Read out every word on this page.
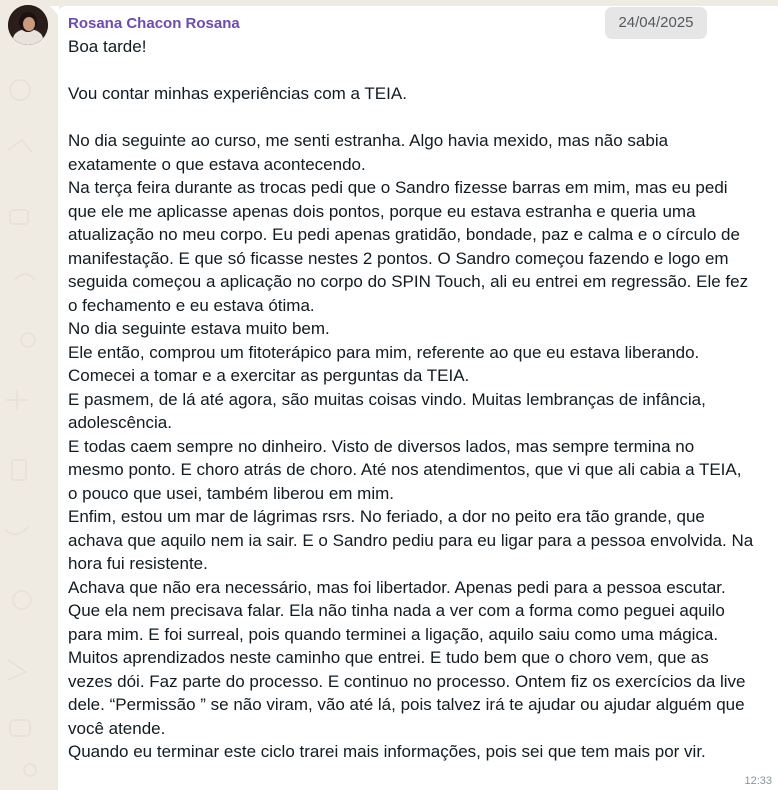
Rosana Chacon Rosana	24/04/2025
Boa tarde!
Vou contar minhas experiências com a TEIA.
No dia seguinte ao curso, me senti estranha. Algo havia mexido, mas não sabia
exatamente o que estava acontecendo.
Na terça feira durante as trocas pedi que o Sandro fizesse barras em mim, mas eu pedi
que ele me aplicasse apenas dois pontos, porque eu estava estranha e queria uma
atualização no meu corpo. Eu pedi apenas gratidão, bondade, paz e calma e o círculo de
manifestação. E que só ficasse nestes 2 pontos. O Sandro começou fazendo e logo em
seguida começou a aplicação no corpo do SPIN Touch, ali eu entrei em regressão. Ele fez
o fechamento e eu estava ótima.
No dia seguinte estava muito bem.
Ele então, comprou um fitoterápico para mim, referente ao que eu estava liberando.
Comecei a tomar e a exercitar as perguntas da TEIA.
E pasmem, de lá até agora, são muitas coisas vindo. Muitas lembranças de infância,
adolescência.
E todas caem sempre no dinheiro. Visto de diversos lados, mas sempre termina no
mesmo ponto. E choro atrás de choro. Até nos atendimentos, que vi que ali cabia a TEIA,
o pouco que usei, também liberou em mim.
Enfim, estou um mar de lágrimas rsrs. No feriado, a dor no peito era tão grande, que
achava que aquilo nem ia sair. E o Sandro pediu para eu ligar para a pessoa envolvida. Na
hora fui resistente.
Achava que não era necessário, mas foi libertador. Apenas pedi para a pessoa escutar.
Que ela nem precisava falar. Ela não tinha nada a ver com a forma como peguei aquilo
para mim. E foi surreal, pois quando terminei a ligação, aquilo saiu como uma mágica.
Muitos aprendizados neste caminho que entrei. E tudo bem que o choro vem, que as
vezes dói. Faz parte do processo. E continuo no processo. Ontem fiz os exercícios da live
dele. “Permissão ” se não viram, vão até lá, pois talvez irá te ajudar ou ajudar alguém que
você atende.
Quando eu terminar este ciclo trarei mais informações, pois sei que tem mais por vir.
12:33
